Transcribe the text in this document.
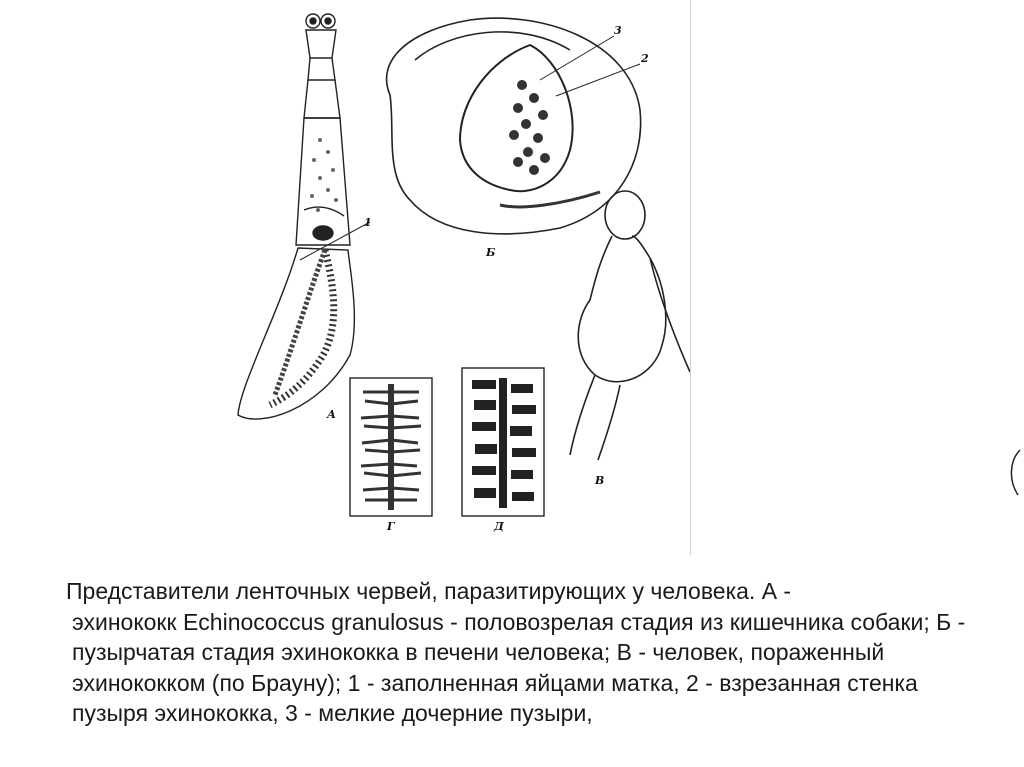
1
А
3
2
Б
В
Г	Д
Представители ленточных червей, паразитирующих у человека. А -
эхинококк Echinococcus granulosus - половозрелая стадия из кишечника собаки; Б - пузырчатая стадия эхинококка в печени человека; В - человек, пораженный эхинококком (по Брауну); 1 - заполненная яйцами матка, 2 - взрезанная стенка пузыря эхинококка, 3 - мелкие дочерние пузыри,
